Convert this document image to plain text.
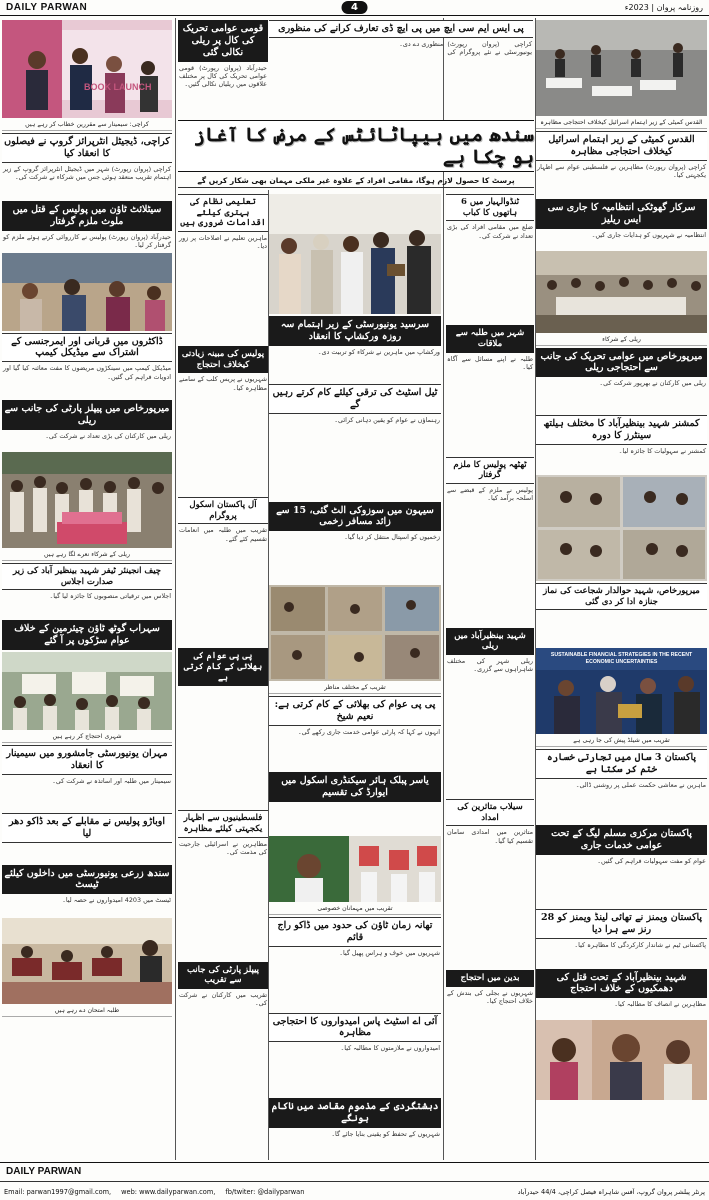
DAILY PARWAN	4	روزنامہ پروان | 2023ء
BOOK LAUNCH
کراچی: سیمینار سے مقررین خطاب کر رہے ہیں
کراچی، ڈیجیٹل انٹرپرائز گروپ نے فیصلوں کا انعقاد کیا
کراچی (پروان رپورٹ) شہر میں ڈیجیٹل انٹرپرائز گروپ کے زیر اہتمام تقریب منعقد ہوئی جس میں شرکاء نے شرکت کی۔
سیٹلائٹ ٹاؤن میں پولیس کے قتل میں ملوث ملزم گرفتار
حیدرآباد (پروان رپورٹ) پولیس نے کارروائی کرتے ہوئے ملزم کو گرفتار کر لیا۔
ڈاکٹروں میں قربانی اور ایمرجنسی کے اشتراک سے میڈیکل کیمپ
میڈیکل کیمپ میں سینکڑوں مریضوں کا مفت معائنہ کیا گیا اور ادویات فراہم کی گئیں۔
میرپورخاص میں پیپلز پارٹی کی جانب سے ریلی
ریلی میں کارکنان کی بڑی تعداد نے شرکت کی۔
ریلی کے شرکاء نعرے لگا رہے ہیں
چیف انجینئر ٹیفر شہید بینظیر آباد کی زیر صدارت اجلاس
اجلاس میں ترقیاتی منصوبوں کا جائزہ لیا گیا۔
سہراب گوٹھ ٹاؤن چیئرمین کے خلاف عوام سڑکوں پر آ گئے
شہری احتجاج کر رہے ہیں
مہران یونیورسٹی جامشورو میں سیمینار کا انعقاد
سیمینار میں طلبہ اور اساتذہ نے شرکت کی۔
اوباڑو پولیس نے مقابلے کے بعد ڈاکو دھر لیا
سندھ زرعی یونیورسٹی میں داخلوں کیلئے ٹیسٹ
ٹیسٹ میں 4203 امیدواروں نے حصہ لیا۔
طلبہ امتحان دے رہے ہیں
قومی عوامی تحریک کی کال پر ریلی نکالی گئی
حیدرآباد (پروان رپورٹ) قومی عوامی تحریک کی کال پر مختلف علاقوں میں ریلیاں نکالی گئیں۔
تعلیمی نظام کی بہتری کیلئے اقدامات ضروری ہیں
ماہرین تعلیم نے اصلاحات پر زور دیا۔
پولیس کی مبینہ زیادتی کیخلاف احتجاج
شہریوں نے پریس کلب کے سامنے مظاہرہ کیا۔
آل پاکستان اسکول پروگرام
تقریب میں طلبہ میں انعامات تقسیم کئے گئے۔
پی پی عوام کی بھلائی کے کام کرتی ہے
فلسطینیوں سے اظہار یکجہتی کیلئے مظاہرہ
مظاہرین نے اسرائیلی جارحیت کی مذمت کی۔
پیپلز پارٹی کی جانب سے تقریب
تقریب میں کارکنان نے شرکت کی۔
پی ایس ایم سی ایچ میں پی ایچ ڈی تعارف کرانے کی منظوری
کراچی (پروان رپورٹ) یونیورسٹی نے نئے پروگرام کی منظوری دے دی۔
سندھ میں ہیپاٹائٹس کے مرض کا آغاز ہو چکا ہے
پرسٹ کا حصول لازم ہوگا، مقامی افراد کے علاوہ غیر ملکی مہمان بھی شکار کریں گے
سرسید یونیورسٹی کے زیر اہتمام سہ روزہ ورکشاپ کا انعقاد
ورکشاپ میں ماہرین نے شرکاء کو تربیت دی۔
ٹیل اسٹیٹ کی ترقی کیلئے کام کرتے رہیں گے
رہنماؤں نے عوام کو یقین دہانی کرائی۔
سیہون میں سوزوکی الٹ گئی، 15 سے زائد مسافر زخمی
زخمیوں کو اسپتال منتقل کر دیا گیا۔
تقریب کے مختلف مناظر
پی پی عوام کی بھلائی کے کام کرتی ہے: نعیم شیخ
انہوں نے کہا کہ پارٹی عوامی خدمت جاری رکھے گی۔
یاسر پبلک ہائر سیکنڈری اسکول میں ایوارڈ کی تقسیم
تقریب میں مہمانان خصوصی
تھانہ زمان ٹاؤن کی حدود میں ڈاکو راج قائم
شہریوں میں خوف و ہراس پھیل گیا۔
آئی اے اسٹیٹ پاس امیدواروں کا احتجاجی مظاہرہ
امیدواروں نے ملازمتوں کا مطالبہ کیا۔
دہشتگردی کے مذموم مقاصد میں ناکام ہونگے
شہریوں کے تحفظ کو یقینی بنایا جائے گا۔
ٹنڈوالہیار میں 6 ہاتھوں کا کباب
ضلع میں مقامی افراد کی بڑی تعداد نے شرکت کی۔
شہر میں طلبہ سے ملاقات
طلبہ نے اپنے مسائل سے آگاہ کیا۔
ٹھٹھہ پولیس کا ملزم گرفتار
پولیس نے ملزم کے قبضے سے اسلحہ برآمد کیا۔
شہید بینظیرآباد میں ریلی
ریلی شہر کی مختلف شاہراہوں سے گزری۔
سیلاب متاثرین کی امداد
متاثرین میں امدادی سامان تقسیم کیا گیا۔
بدین میں احتجاج
شہریوں نے بجلی کی بندش کے خلاف احتجاج کیا۔
القدس کمیٹی کے زیر اہتمام اسرائیل کیخلاف احتجاجی مظاہرہ
القدس کمیٹی کے زیر اہتمام اسرائیل کیخلاف احتجاجی مظاہرہ
کراچی (پروان رپورٹ) مظاہرین نے فلسطینی عوام سے اظہار یکجہتی کیا۔
سرکار گھوٹکی انتظامیہ کا جاری سی ایس ریلیز
انتظامیہ نے شہریوں کو ہدایات جاری کیں۔
ریلی کے شرکاء
میرپورخاص میں عوامی تحریک کی جانب سے احتجاجی ریلی
ریلی میں کارکنان نے بھرپور شرکت کی۔
کمشنر شہید بینظیرآباد کا مختلف ہیلتھ سینٹرز کا دورہ
کمشنر نے سہولیات کا جائزہ لیا۔
میرپورخاص، شہید حوالدار شجاعت کی نماز جنازہ ادا کر دی گئی
SUSTAINABLE FINANCIAL STRATEGIES IN THE RECENT ECONOMIC UNCERTAINTIES
تقریب میں شیلڈ پیش کی جا رہی ہے
پاکستان 3 سال میں تجارتی خسارہ ختم کر سکتا ہے
ماہرین نے معاشی حکمت عملی پر روشنی ڈالی۔
پاکستان مرکزی مسلم لیگ کے تحت عوامی خدمات جاری
عوام کو مفت سہولیات فراہم کی گئیں۔
پاکستان ویمنز نے تھائی لینڈ ویمنز کو 28 رنز سے ہرا دیا
پاکستانی ٹیم نے شاندار کارکردگی کا مظاہرہ کیا۔
شہید بینظیرآباد کے تحت قتل کی دھمکیوں کے خلاف احتجاج
مظاہرین نے انصاف کا مطالبہ کیا۔
DAILY PARWAN
Email: parwan1997@gmail.com, web: www.dailyparwan.com, fb/twiter: @dailyparwan	پرنٹر پبلشر پروان گروپ، آفس شاہراہ فیصل کراچی، 44/4 حیدرآباد
